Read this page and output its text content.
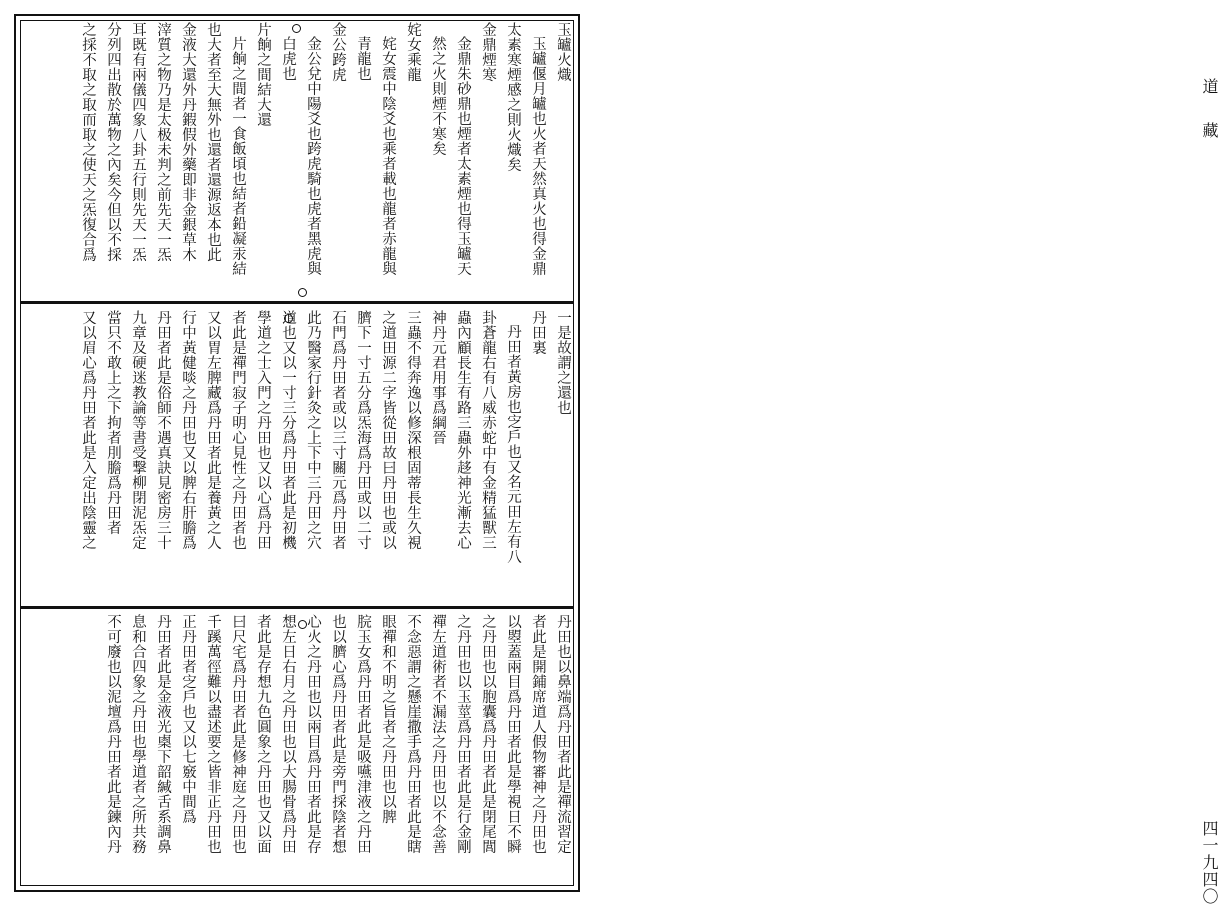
玉罏火熾
玉罏偃月罏也火者天然真火也得金鼎
太素寒煙感之則火熾矣
金鼎煙寒
金鼎朱砂鼎也煙者太素煙也得玉罏天
然之火則煙不寒矣
姹女乘龍
姹女震中陰爻也乘者載也龍者赤龍與
青龍也
金公跨虎
金公兌中陽爻也跨虎騎也虎者黑虎與
白虎也
片餉之間結大還
片餉之間者一食飯頃也結者鉛凝汞結
也大者至大無外也還者還源返本也此
金液大還外丹鍜假外藥即非金銀草木
滓質之物乃是太极未判之前先天一炁
耳既有兩儀四象八卦五行則先天一炁
分列四出散於萬物之內矣今但以不採
之採不取之取而取之使天之炁復合爲
一是故謂之還也
丹田裏
丹田者黃房也㝎戶也又名元田左有八
卦蒼龍右有八威赤蛇中有金精猛獸三
蟲內顧長生有路三蟲外趍神光漸去心
神丹元君用事爲綱晉
三蟲不得奔逸以修深根固蒂長生久視
之道田源二字皆從田故曰丹田也或以
臍下一寸五分爲炁海爲丹田或以二寸
石門爲丹田者或以三寸關元爲丹田者
此乃醫家行針灸之上下中三丹田之穴
道也又以一寸三分爲丹田者此是初機
學道之士入門之丹田也又以心爲丹田
者此是禪門寂子明心見性之丹田者也
又以胃左脾藏爲丹田者此是養黃之人
行中黃健啖之丹田也又以脾右肝膽爲
丹田者此是俗師不遇真訣見密房三十
九章及硬迷教論等書受撃柳閉泥炁定
當只不敢上之下拘者刖膽爲丹田者
又以眉心爲丹田者此是入定出陰靈之
丹田也以鼻端爲丹田者此是禪流習定
者此是開鋪席道人假物審神之丹田也
以曌蓋兩目爲丹田者此是學視日不瞬
之丹田也以胞囊爲丹田者此是閉尾閭
之丹田也以玉莖爲丹田者此是行金剛
禪左道術者不漏法之丹田也以不念善
不念惡謂之懸崖撒手爲丹田者此是瞎
眼禪和不明之旨者之丹田也以脾
脘玉女爲丹田者此是吸嚥津液之丹田
也以臍心爲丹田者此是旁門採陰者想
心火之丹田也以兩目爲丹田者此是存
想左日右月之丹田也以大腸骨爲丹田
者此是存想九色圓象之丹田也又以面
曰尺宅爲丹田者此是修神庭之丹田也
千蹊萬徑難以盡述要之皆非正丹田也
正丹田者㝎戶也又以七竅中間爲
丹田者此是金液光㮚下韶緘舌系調鼻
息和合四象之丹田也學道者之所共務
不可廢也以泥壇爲丹田者此是鍊內丹
道藏
四一九四〇
